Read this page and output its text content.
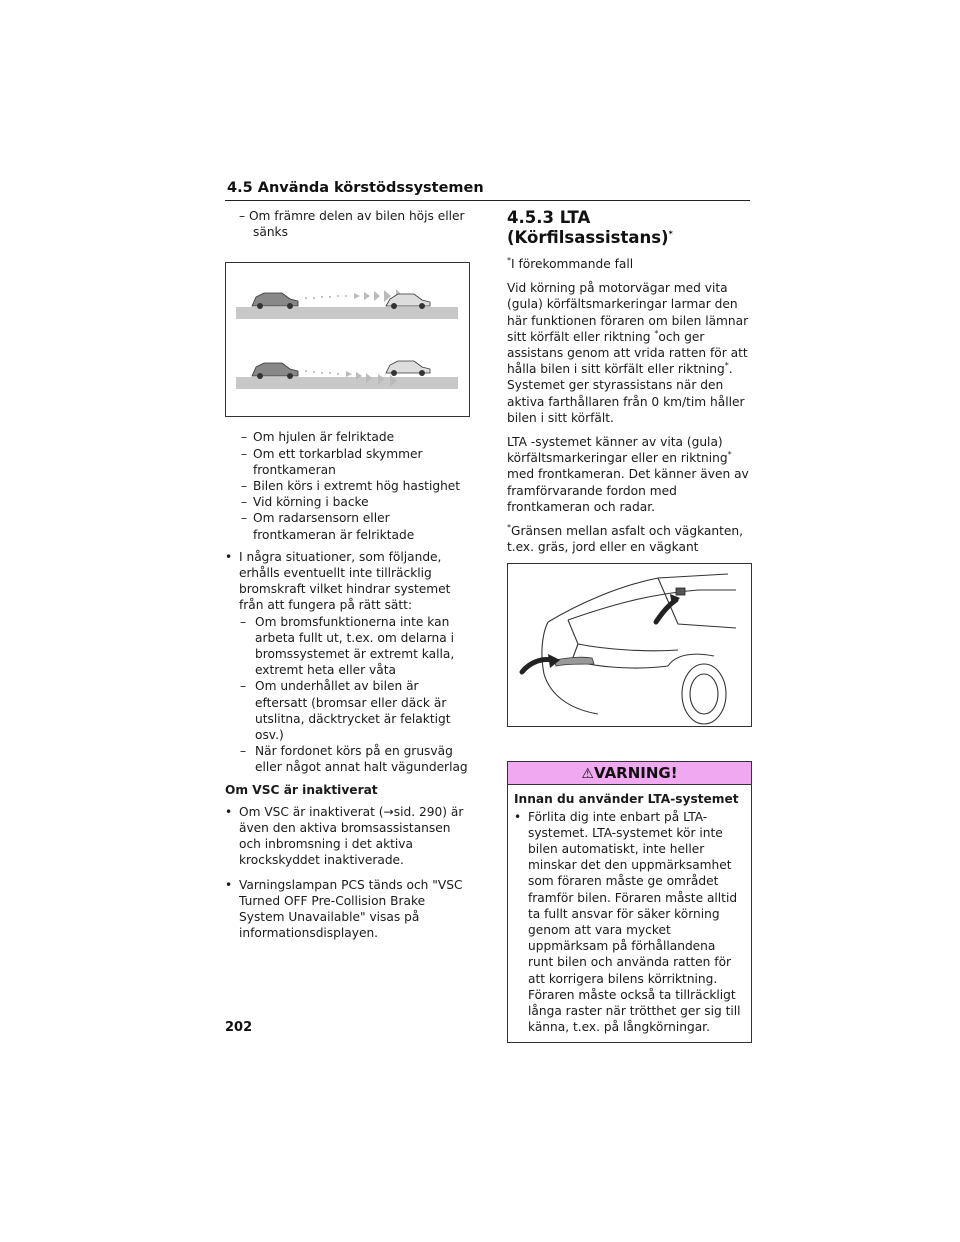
4.5 Använda körstödssystemen

– Om främre delen av bilen höjs eller sänks

– Om hjulen är felriktade

– Om ett torkarblad skymmer frontkameran

– Bilen körs i extremt hög hastighet

– Vid körning i backe

– Om radarsensorn eller frontkameran är felriktade

• I några situationer, som följande, erhålls eventuellt inte tillräcklig bromskraft vilket hindrar systemet från att fungera på rätt sätt:

– Om bromsfunktionerna inte kan arbeta fullt ut, t.ex. om delarna i bromssystemet är extremt kalla, extremt heta eller våta

– Om underhållet av bilen är eftersatt (bromsar eller däck är utslitna, däcktrycket är felaktigt osv.)

– När fordonet körs på en grusväg eller något annat halt vägunderlag

Om VSC är inaktiverat

• Om VSC är inaktiverat (→sid. 290) är även den aktiva bromsassistansen och inbromsning i det aktiva krockskyddet inaktiverade.

• Varningslampan PCS tänds och "VSC Turned OFF Pre-Collision Brake System Unavailable" visas på informationsdisplayen.

4.5.3 LTA (Körfilsassistans)*

*I förekommande fall

Vid körning på motorvägar med vita (gula) körfältsmarkeringar larmar den här funktionen föraren om bilen lämnar sitt körfält eller riktning *och ger assistans genom att vrida ratten för att hålla bilen i sitt körfält eller riktning*. Systemet ger styrassistans när den aktiva farthållaren från 0 km/tim håller bilen i sitt körfält.

LTA -systemet känner av vita (gula) körfältsmarkeringar eller en riktning* med frontkameran. Det känner även av framförvarande fordon med frontkameran och radar.

*Gränsen mellan asfalt och vägkanten, t.ex. gräs, jord eller en vägkant

⚠VARNING!

Innan du använder LTA-systemet

• Förlita dig inte enbart på LTA-systemet. LTA-systemet kör inte bilen automatiskt, inte heller minskar det den uppmärksamhet som föraren måste ge området framför bilen. Föraren måste alltid ta fullt ansvar för säker körning genom att vara mycket uppmärksam på förhållandena runt bilen och använda ratten för att korrigera bilens körriktning. Föraren måste också ta tillräckligt långa raster när trötthet ger sig till känna, t.ex. på långkörningar.

202
